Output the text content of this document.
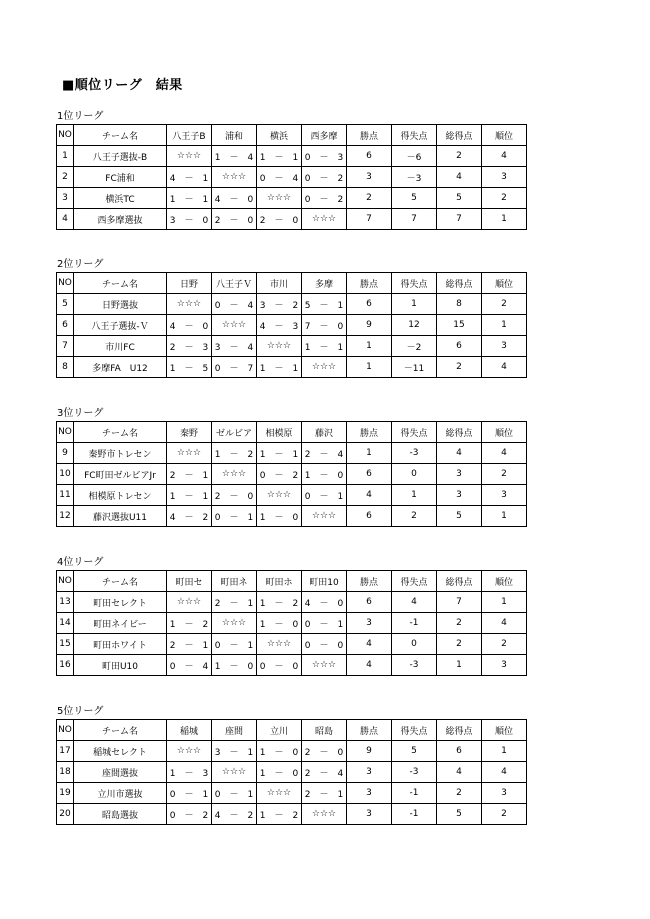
■順位リーグ　結果
1位リーグ
NO	チーム名	八王子B	浦和	横浜	西多摩	勝点	得失点	総得点	順位
1	八王子選抜-B	☆☆☆	1　－　4	1　－　1	0　－　3	6	－6	2	4
2	FC浦和	4　－　1	☆☆☆	0　－　4	0　－　2	3	－3	4	3
3	横浜TC	1　－　1	4　－　0	☆☆☆	0　－　2	2	5	5	2
4	西多摩選抜	3　－　0	2　－　0	2　－　0	☆☆☆	7	7	7	1
2位リーグ
NO	チーム名	日野	八王子Ｖ	市川	多摩	勝点	得失点	総得点	順位
5	日野選抜	☆☆☆	0　－　4	3　－　2	5　－　1	6	1	8	2
6	八王子選抜-Ｖ	4　－　0	☆☆☆	4　－　3	7　－　0	9	12	15	1
7	市川FC	2　－　3	3　－　4	☆☆☆	1　－　1	1	－2	6	3
8	多摩FA　U12	1　－　5	0　－　7	1　－　1	☆☆☆	1	－11	2	4
3位リーグ
NO	チーム名	秦野	ゼルビア	相模原	藤沢	勝点	得失点	総得点	順位
9	秦野市トレセン	☆☆☆	1　－　2	1　－　1	2　－　4	1	-3	4	4
10	FC町田ゼルビアJr	2　－　1	☆☆☆	0　－　2	1　－　0	6	0	3	2
11	相模原トレセン	1　－　1	2　－　0	☆☆☆	0　－　1	4	1	3	3
12	藤沢選抜U11	4　－　2	0　－　1	1　－　0	☆☆☆	6	2	5	1
4位リーグ
NO	チーム名	町田セ	町田ネ	町田ホ	町田10	勝点	得失点	総得点	順位
13	町田セレクト	☆☆☆	2　－　1	1　－　2	4　－　0	6	4	7	1
14	町田ネイビー	1　－　2	☆☆☆	1　－　0	0　－　1	3	-1	2	4
15	町田ホワイト	2　－　1	0　－　1	☆☆☆	0　－　0	4	0	2	2
16	町田U10	0　－　4	1　－　0	0　－　0	☆☆☆	4	-3	1	3
5位リーグ
NO	チーム名	稲城	座間	立川	昭島	勝点	得失点	総得点	順位
17	稲城セレクト	☆☆☆	3　－　1	1　－　0	2　－　0	9	5	6	1
18	座間選抜	1　－　3	☆☆☆	1　－　0	2　－　4	3	-3	4	4
19	立川市選抜	0　－　1	0　－　1	☆☆☆	2　－　1	3	-1	2	3
20	昭島選抜	0　－　2	4　－　2	1　－　2	☆☆☆	3	-1	5	2
